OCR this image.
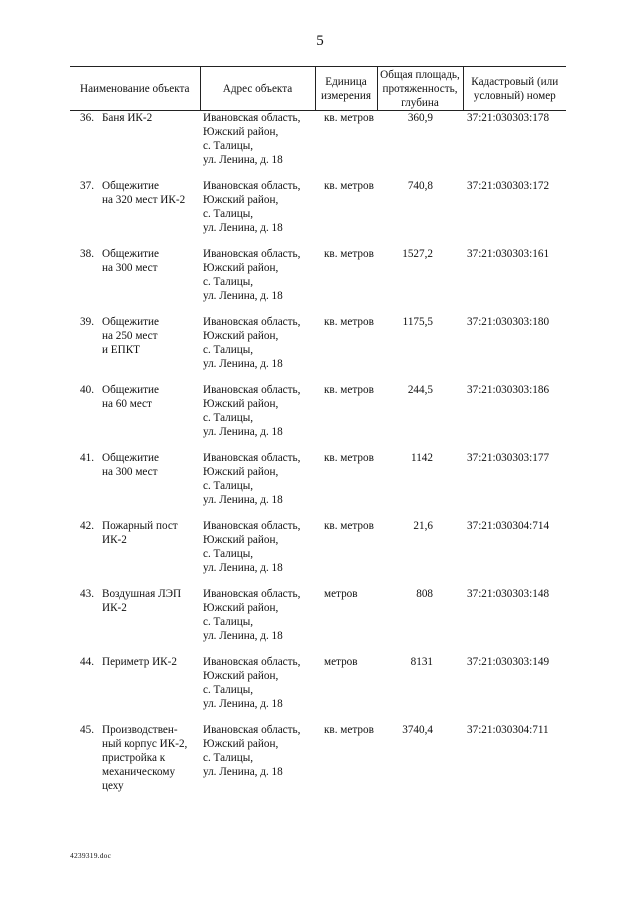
5
Наименование объекта		Адрес объекта	Единица измерения	Общая площадь, протяженность, глубина	Кадастровый (или условный) номер
36.	Баня ИК-2	Ивановская область,
Южский район,
с. Талицы,
ул. Ленина, д. 18	кв. метров	360,9	37:21:030303:178
37.	Общежитие
на 320 мест ИК-2	Ивановская область,
Южский район,
с. Талицы,
ул. Ленина, д. 18	кв. метров	740,8	37:21:030303:172
38.	Общежитие
на 300 мест	Ивановская область,
Южский район,
с. Талицы,
ул. Ленина, д. 18	кв. метров	1527,2	37:21:030303:161
39.	Общежитие
на 250 мест
и ЕПКТ	Ивановская область,
Южский район,
с. Талицы,
ул. Ленина, д. 18	кв. метров	1175,5	37:21:030303:180
40.	Общежитие
на 60 мест	Ивановская область,
Южский район,
с. Талицы,
ул. Ленина, д. 18	кв. метров	244,5	37:21:030303:186
41.	Общежитие
на 300 мест	Ивановская область,
Южский район,
с. Талицы,
ул. Ленина, д. 18	кв. метров	1142	37:21:030303:177
42.	Пожарный пост
ИК-2	Ивановская область,
Южский район,
с. Талицы,
ул. Ленина, д. 18	кв. метров	21,6	37:21:030304:714
43.	Воздушная ЛЭП
ИК-2	Ивановская область,
Южский район,
с. Талицы,
ул. Ленина, д. 18	метров	808	37:21:030303:148
44.	Периметр ИК-2	Ивановская область,
Южский район,
с. Талицы,
ул. Ленина, д. 18	метров	8131	37:21:030303:149
45.	Производствен-
ный корпус ИК-2,
пристройка к
механическому
цеху	Ивановская область,
Южский район,
с. Талицы,
ул. Ленина, д. 18	кв. метров	3740,4	37:21:030304:711
4239319.doc
